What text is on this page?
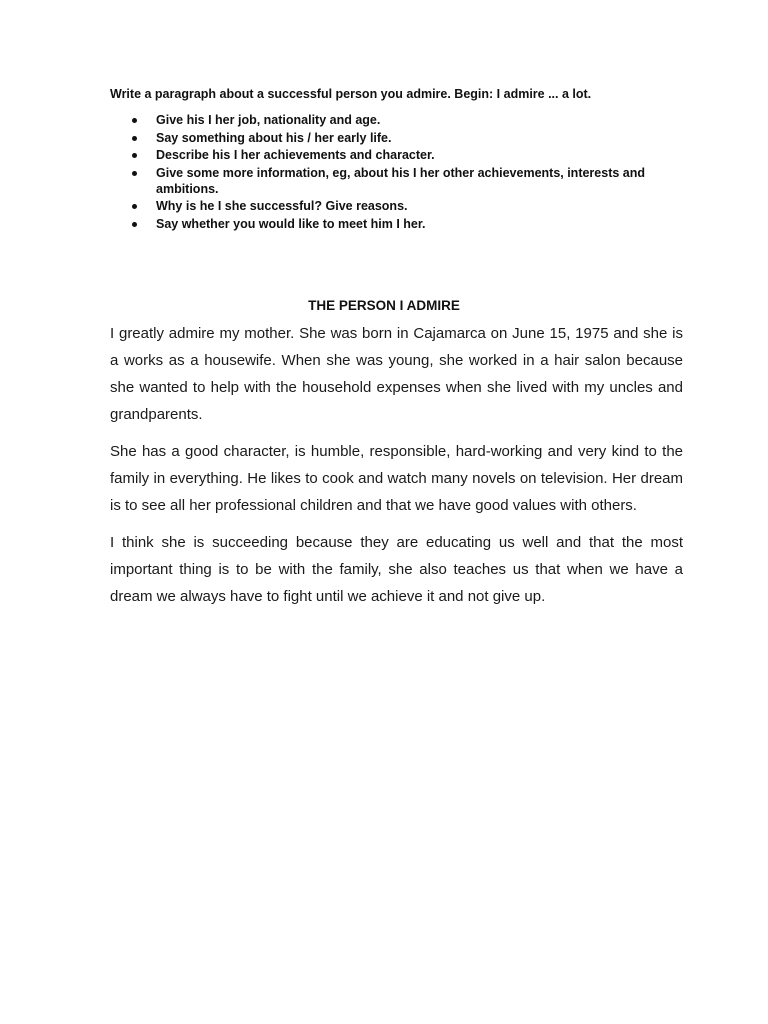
Write a paragraph about a successful person you admire. Begin: I admire ... a lot.

Give his I her job, nationality and age.
Say something about his / her early life.
Describe his I her achievements and character.
Give some more information, eg, about his I her other achievements, interests and ambitions.
Why is he I she successful? Give reasons.
Say whether you would like to meet him I her.
THE PERSON I ADMIRE

I greatly admire my mother. She was born in Cajamarca on June 15, 1975 and she is a works as a housewife. When she was young, she worked in a hair salon because she wanted to help with the household expenses when she lived with my uncles and grandparents.

She has a good character, is humble, responsible, hard-working and very kind to the family in everything. He likes to cook and watch many novels on television. Her dream is to see all her professional children and that we have good values with others.

I think she is succeeding because they are educating us well and that the most important thing is to be with the family, she also teaches us that when we have a dream we always have to fight until we achieve it and not give up.
